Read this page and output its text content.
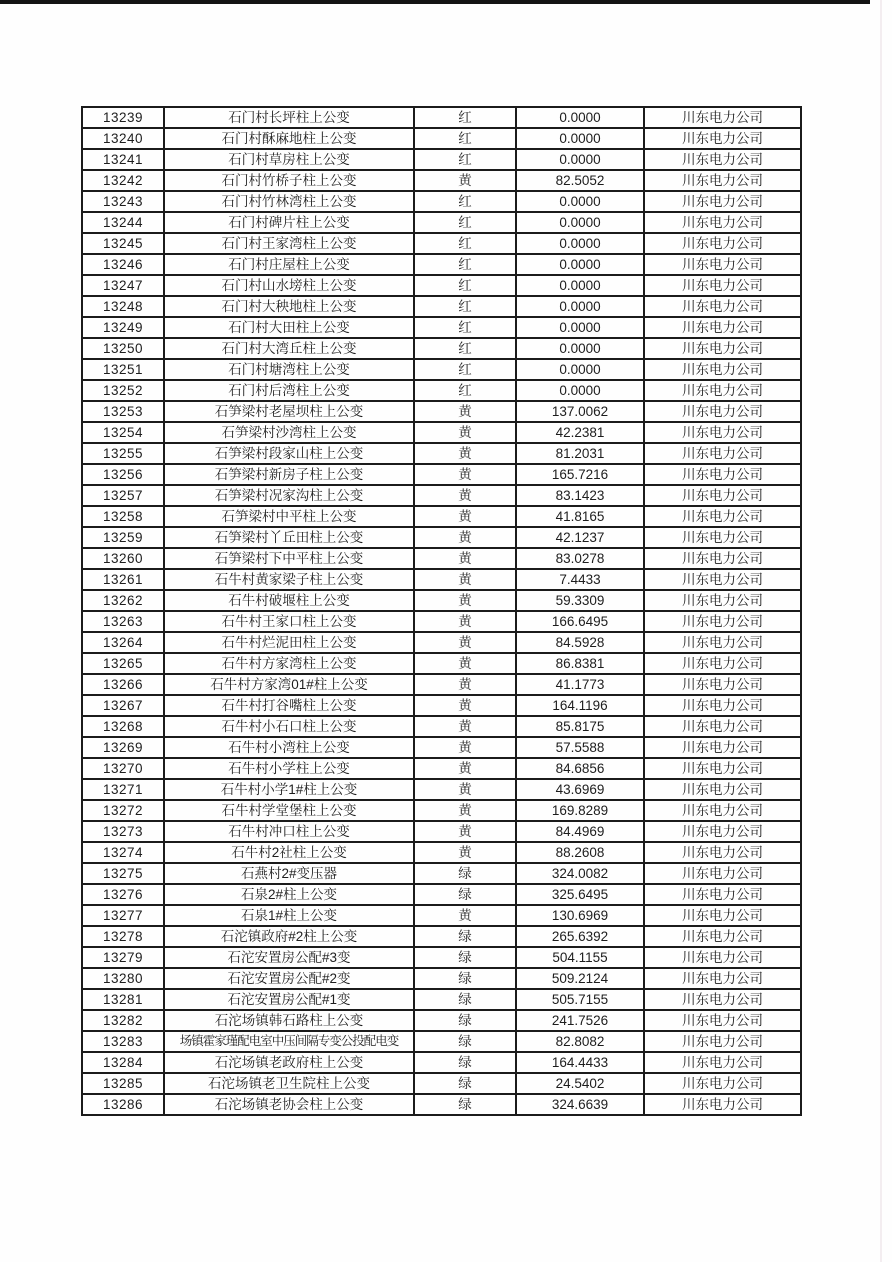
13239	石门村长坪柱上公变	红	0.0000	川东电力公司
13240	石门村酥麻地柱上公变	红	0.0000	川东电力公司
13241	石门村草房柱上公变	红	0.0000	川东电力公司
13242	石门村竹桥子柱上公变	黄	82.5052	川东电力公司
13243	石门村竹林湾柱上公变	红	0.0000	川东电力公司
13244	石门村碑片柱上公变	红	0.0000	川东电力公司
13245	石门村王家湾柱上公变	红	0.0000	川东电力公司
13246	石门村庄屋柱上公变	红	0.0000	川东电力公司
13247	石门村山水塝柱上公变	红	0.0000	川东电力公司
13248	石门村大秧地柱上公变	红	0.0000	川东电力公司
13249	石门村大田柱上公变	红	0.0000	川东电力公司
13250	石门村大湾丘柱上公变	红	0.0000	川东电力公司
13251	石门村塘湾柱上公变	红	0.0000	川东电力公司
13252	石门村后湾柱上公变	红	0.0000	川东电力公司
13253	石笋梁村老屋坝柱上公变	黄	137.0062	川东电力公司
13254	石笋梁村沙湾柱上公变	黄	42.2381	川东电力公司
13255	石笋梁村段家山柱上公变	黄	81.2031	川东电力公司
13256	石笋梁村新房子柱上公变	黄	165.7216	川东电力公司
13257	石笋梁村况家沟柱上公变	黄	83.1423	川东电力公司
13258	石笋梁村中平柱上公变	黄	41.8165	川东电力公司
13259	石笋梁村丫丘田柱上公变	黄	42.1237	川东电力公司
13260	石笋梁村下中平柱上公变	黄	83.0278	川东电力公司
13261	石牛村黄家梁子柱上公变	黄	7.4433	川东电力公司
13262	石牛村破堰柱上公变	黄	59.3309	川东电力公司
13263	石牛村王家口柱上公变	黄	166.6495	川东电力公司
13264	石牛村烂泥田柱上公变	黄	84.5928	川东电力公司
13265	石牛村方家湾柱上公变	黄	86.8381	川东电力公司
13266	石牛村方家湾01#柱上公变	黄	41.1773	川东电力公司
13267	石牛村打谷嘴柱上公变	黄	164.1196	川东电力公司
13268	石牛村小石口柱上公变	黄	85.8175	川东电力公司
13269	石牛村小湾柱上公变	黄	57.5588	川东电力公司
13270	石牛村小学柱上公变	黄	84.6856	川东电力公司
13271	石牛村小学1#柱上公变	黄	43.6969	川东电力公司
13272	石牛村学堂堡柱上公变	黄	169.8289	川东电力公司
13273	石牛村冲口柱上公变	黄	84.4969	川东电力公司
13274	石牛村2社柱上公变	黄	88.2608	川东电力公司
13275	石燕村2#变压器	绿	324.0082	川东电力公司
13276	石泉2#柱上公变	绿	325.6495	川东电力公司
13277	石泉1#柱上公变	黄	130.6969	川东电力公司
13278	石沱镇政府#2柱上公变	绿	265.6392	川东电力公司
13279	石沱安置房公配#3变	绿	504.1155	川东电力公司
13280	石沱安置房公配#2变	绿	509.2124	川东电力公司
13281	石沱安置房公配#1变	绿	505.7155	川东电力公司
13282	石沱场镇韩石路柱上公变	绿	241.7526	川东电力公司
13283	场镇霍家瑾配电室中压间隔专变公投配电变	绿	82.8082	川东电力公司
13284	石沱场镇老政府柱上公变	绿	164.4433	川东电力公司
13285	石沱场镇老卫生院柱上公变	绿	24.5402	川东电力公司
13286	石沱场镇老协会柱上公变	绿	324.6639	川东电力公司
